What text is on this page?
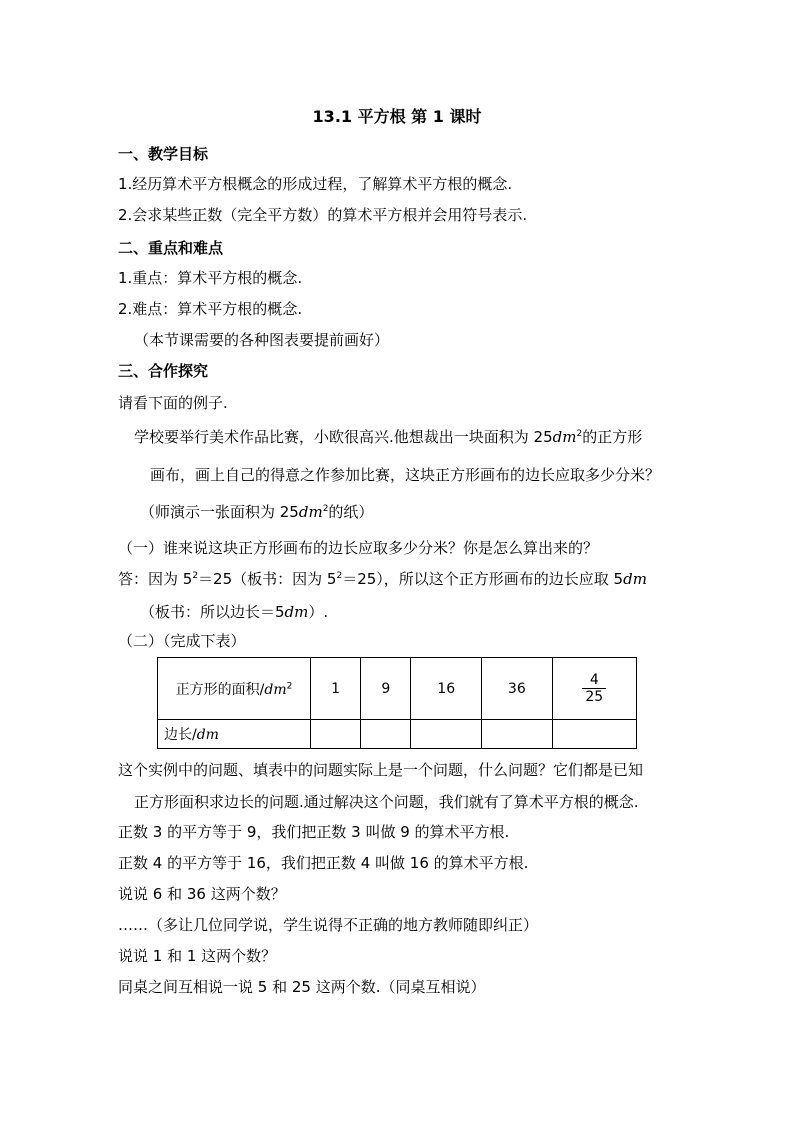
13.1 平方根 第 1 课时
一、教学目标
1.经历算术平方根概念的形成过程，了解算术平方根的概念.
2.会求某些正数（完全平方数）的算术平方根并会用符号表示.
二、重点和难点
1.重点：算术平方根的概念.
2.难点：算术平方根的概念.
（本节课需要的各种图表要提前画好）
三、合作探究
请看下面的例子.
学校要举行美术作品比赛，小欧很高兴.他想裁出一块面积为 $25dm^2$的正方形
画布，画上自己的得意之作参加比赛，这块正方形画布的边长应取多少分米？
（师演示一张面积为 $25dm^2$的纸）
（一）谁来说这块正方形画布的边长应取多少分米？你是怎么算出来的？
答：因为 $5^2=25$（板书：因为 $5^2=25$），所以这个正方形画布的边长应取 5dm
（板书：所以边长＝5dm）.
（二）（完成下表）
正方形的面积$/dm^2$	1	9	16	36	$\frac{4}{25}$

边长/dm					
这个实例中的问题、填表中的问题实际上是一个问题，什么问题？它们都是已知
正方形面积求边长的问题.通过解决这个问题，我们就有了算术平方根的概念.
正数 3 的平方等于 9，我们把正数 3 叫做 9 的算术平方根.
正数 4 的平方等于 16，我们把正数 4 叫做 16 的算术平方根.
说说 6 和 36 这两个数？
……（多让几位同学说，学生说得不正确的地方教师随即纠正）
说说 1 和 1 这两个数？
同桌之间互相说一说 5 和 25 这两个数.（同桌互相说）
